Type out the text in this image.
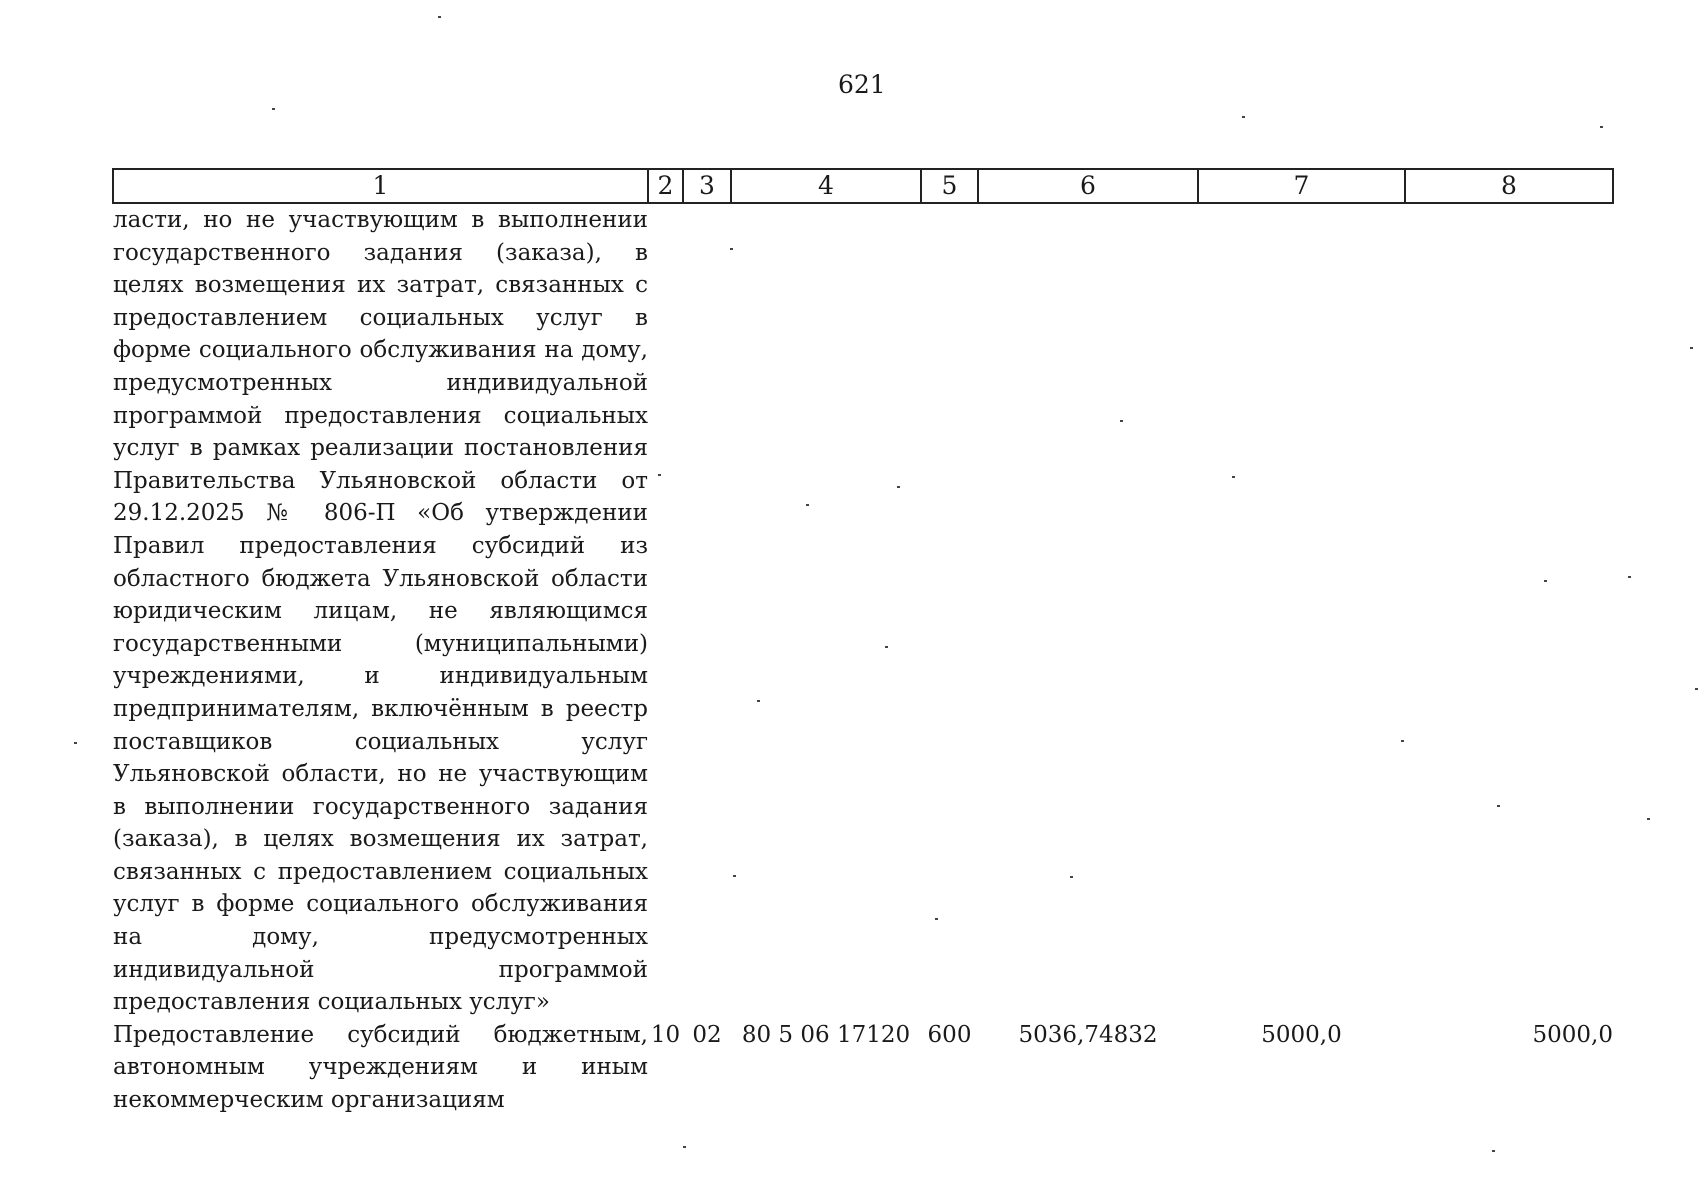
621
1	2	3	4	5	6	7	8
ласти, но не участвующим в выполнении государственного задания (заказа), в целях возмещения их затрат, связанных с предоставлением социальных услуг в форме социального обслуживания на дому, предусмотренных индивидуальной программой предоставления социальных услуг в рамках реализации постановления Правительства Ульяновской области от 29.12.2025 № 806-П «Об утверждении Правил предоставления субсидий из областного бюджета Ульяновской области юридическим лицам, не являющимся государственными (муниципальными) учреждениями, и индивидуальным предпринимателям, включённым в реестр поставщиков социальных услуг Ульяновской области, но не участвующим в выполнении государственного задания (заказа), в целях возмещения их затрат, связанных с предоставлением социальных услуг в форме социального обслуживания на дому, предусмотренных индивидуальной программой предоставления социальных услуг»							
Предоставление субсидий бюджетным, автономным учреждениям и иным некоммерческим организациям	10	02	80 5 06 17120	600	5036,74832	5000,0	5000,0
